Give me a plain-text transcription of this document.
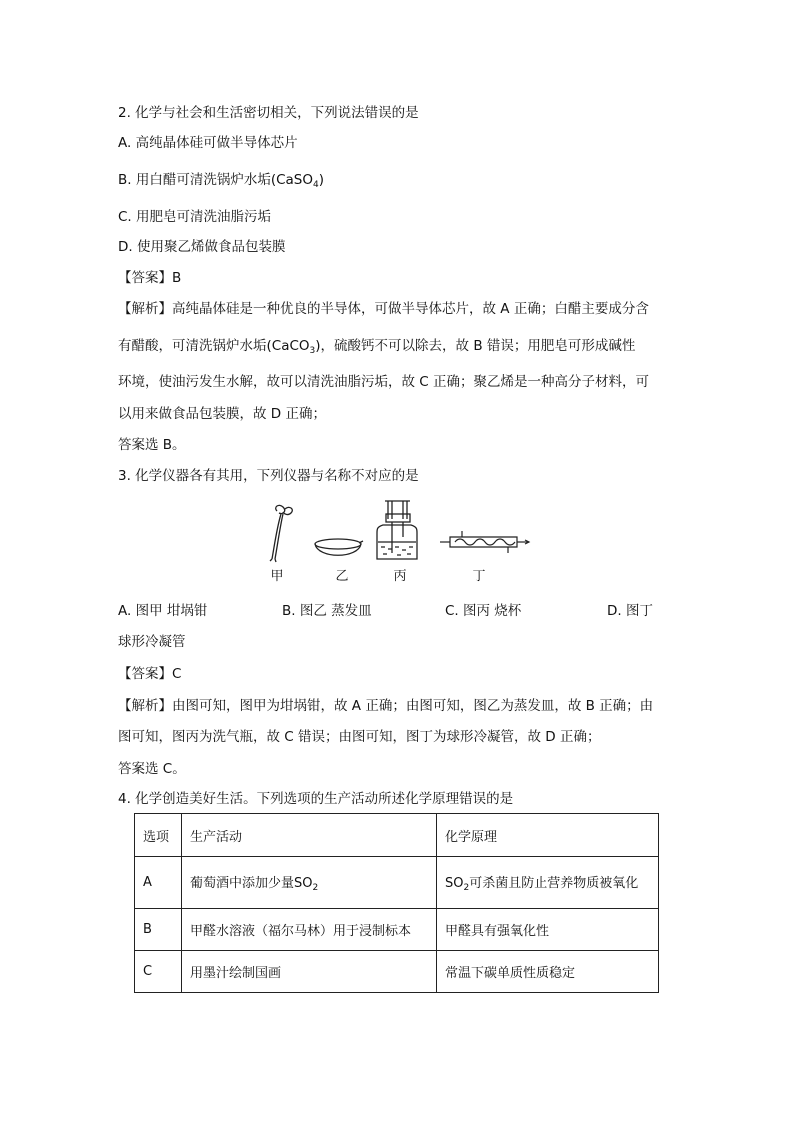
2. 化学与社会和生活密切相关，下列说法错误的是
A. 高纯晶体硅可做半导体芯片
B. 用白醋可清洗锅炉水垢(CaSO$_4$)
C. 用肥皂可清洗油脂污垢
D. 使用聚乙烯做食品包装膜
【答案】B
【解析】高纯晶体硅是一种优良的半导体，可做半导体芯片，故 A 正确；白醋主要成分含
有醋酸，可清洗锅炉水垢(CaCO$_3$)，硫酸钙不可以除去，故 B 错误；用肥皂可形成碱性
环境，使油污发生水解，故可以清洗油脂污垢，故 C 正确；聚乙烯是一种高分子材料，可
以用来做食品包装膜，故 D 正确；
答案选 B。
3. 化学仪器各有其用，下列仪器与名称不对应的是
甲	乙	丙	丁
A. 图甲 坩埚钳	B. 图乙 蒸发皿	C. 图丙 烧杯	D. 图丁
球形冷凝管
【答案】C
【解析】由图可知，图甲为坩埚钳，故 A 正确；由图可知，图乙为蒸发皿，故 B 正确；由
图可知，图丙为洗气瓶，故 C 错误；由图可知，图丁为球形冷凝管，故 D 正确；
答案选 C。
4. 化学创造美好生活。下列选项的生产活动所述化学原理错误的是
选项	生产活动	化学原理
A	葡萄酒中添加少量$SO_2$	$SO_2$可杀菌且防止营养物质被氧化
B	甲醛水溶液（福尔马林）用于浸制标本	甲醛具有强氧化性
C	用墨汁绘制国画	常温下碳单质性质稳定
